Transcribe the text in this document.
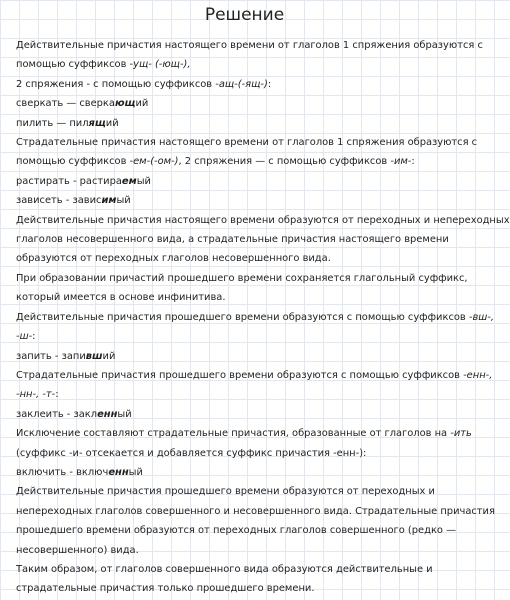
Решение
Действительные причастия настоящего времени от глаголов 1 спряжения образуются с
помощью суффиксов -ущ- (-ющ-),
2 спряжения - с помощью суффиксов -ащ-(-ящ-):
сверкать — сверкающий
пилить — пилящий
Страдательные причастия настоящего времени от глаголов 1 спряжения образуются с
помощью суффиксов -ем-(-ом-), 2 спряжения — с помощью суффиксов -им-:
растирать - растираемый
зависеть - зависимый
Действительные причастия настоящего времени образуются от переходных и непереходных
глаголов несовершенного вида, а страдательные причастия настоящего времени
образуются от переходных глаголов несовершенного вида.
При образовании причастий прошедшего времени сохраняется глагольный суффикс,
который имеется в основе инфинитива.
Действительные причастия прошедшего времени образуются с помощью суффиксов -вш-,
-ш-:
запить - запивший
Страдательные причастия прошедшего времени образуются с помощью суффиксов -енн-,
-нн-, -т-:
заклеить - закленный
Исключение составляют страдательные причастия, образованные от глаголов на -ить
(суффикс -и- отсекается и добавляется суффикс причастия -енн-):
включить - включенный
Действительные причастия прошедшего времени образуются от переходных и
непереходных глаголов совершенного и несовершенного вида. Страдательные причастия
прошедшего времени образуются от переходных глаголов совершенного (редко —
несовершенного) вида.
Таким образом, от глаголов совершенного вида образуются действительные и
страдательные причастия только прошедшего времени.
